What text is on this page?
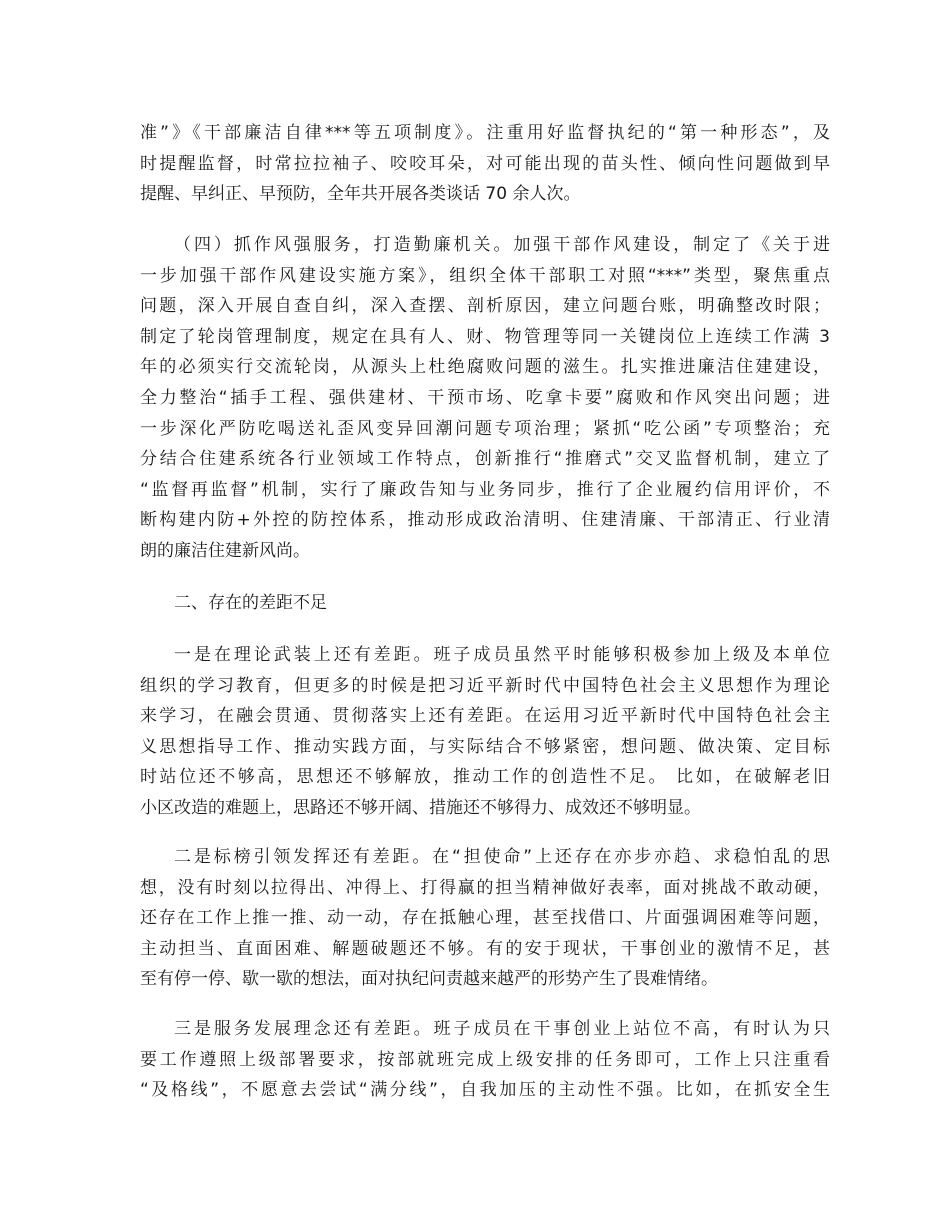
准”》《干部廉洁自律***等五项制度》。注重用好监督执纪的“第一种形态”，及
时提醒监督，时常拉拉袖子、咬咬耳朵，对可能出现的苗头性、倾向性问题做到早
提醒、早纠正、早预防，全年共开展各类谈话 70 余人次。
（四）抓作风强服务，打造勤廉机关。加强干部作风建设，制定了《关于进
一步加强干部作风建设实施方案》，组织全体干部职工对照“***”类型，聚焦重点
问题，深入开展自查自纠，深入查摆、剖析原因，建立问题台账，明确整改时限；
制定了轮岗管理制度，规定在具有人、财、物管理等同一关键岗位上连续工作满 3
年的必须实行交流轮岗，从源头上杜绝腐败问题的滋生。扎实推进廉洁住建建设，
全力整治“插手工程、强供建材、干预市场、吃拿卡要”腐败和作风突出问题；进
一步深化严防吃喝送礼歪风变异回潮问题专项治理；紧抓“吃公函”专项整治；充
分结合住建系统各行业领域工作特点，创新推行“推磨式”交叉监督机制，建立了
“监督再监督”机制，实行了廉政告知与业务同步，推行了企业履约信用评价，不
断构建内防+外控的防控体系，推动形成政治清明、住建清廉、干部清正、行业清
朗的廉洁住建新风尚。
二、存在的差距不足
一是在理论武装上还有差距。班子成员虽然平时能够积极参加上级及本单位
组织的学习教育，但更多的时候是把习近平新时代中国特色社会主义思想作为理论
来学习，在融会贯通、贯彻落实上还有差距。在运用习近平新时代中国特色社会主
义思想指导工作、推动实践方面，与实际结合不够紧密，想问题、做决策、定目标
时站位还不够高，思想还不够解放，推动工作的创造性不足。 比如，在破解老旧
小区改造的难题上，思路还不够开阔、措施还不够得力、成效还不够明显。
二是标榜引领发挥还有差距。在“担使命”上还存在亦步亦趋、求稳怕乱的思
想，没有时刻以拉得出、冲得上、打得赢的担当精神做好表率，面对挑战不敢动硬，
还存在工作上推一推、动一动，存在抵触心理，甚至找借口、片面强调困难等问题，
主动担当、直面困难、解题破题还不够。有的安于现状，干事创业的激情不足，甚
至有停一停、歇一歇的想法，面对执纪问责越来越严的形势产生了畏难情绪。
三是服务发展理念还有差距。班子成员在干事创业上站位不高，有时认为只
要工作遵照上级部署要求，按部就班完成上级安排的任务即可，工作上只注重看
“及格线”，不愿意去尝试“满分线”，自我加压的主动性不强。比如，在抓安全生
